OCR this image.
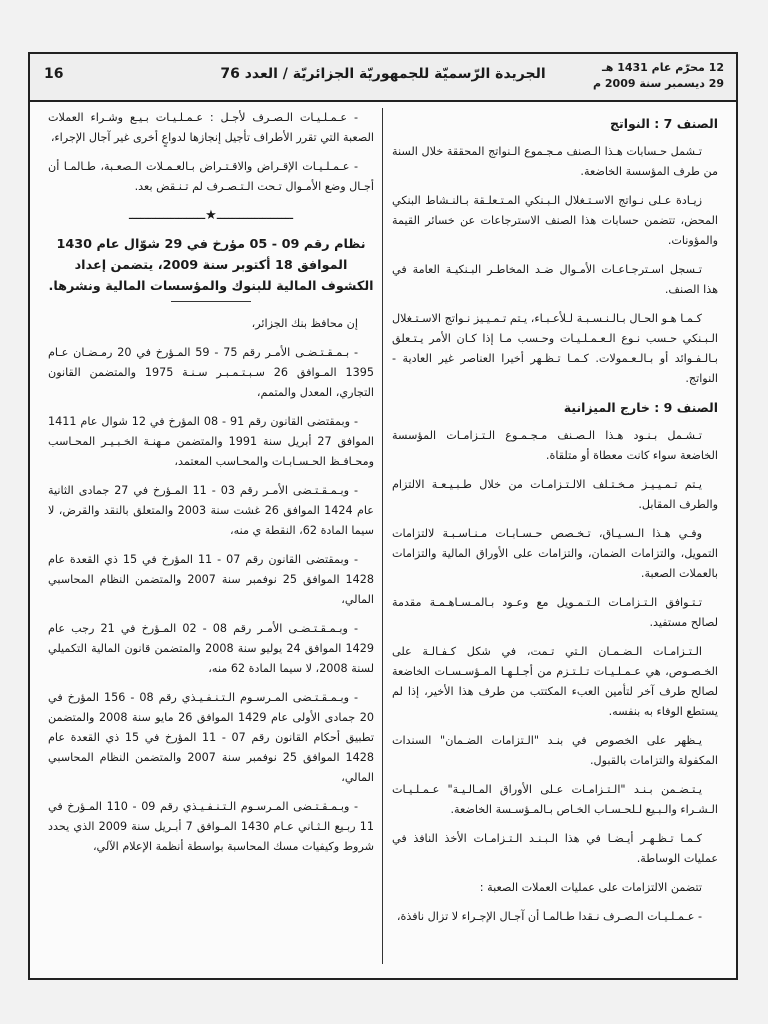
16	الجريدة الرّسميّة للجمهوريّة الجزائريّة / العدد 76	12 محرّم عام 1431 هـ
29 ديسمبر سنة 2009 م
الصنف 7 : النواتج

تـشمل حـسابات هـذا الـصنف مـجـموع الـنواتج المحققة خلال السنة من طرف المؤسسة الخاضعة.

زيـادة عـلى نـواتج الاسـتـغلال الـبـنكي المـتـعلـقة بـالنـشاط البنكي المحض، تتضمن حسابات هذا الصنف الاسترجاعات عن خسائر القيمة والمؤونات.

تـسجل اسـترجـاعـات الأمـوال ضـد المخاطـر البـنكيـة العامة في هذا الصنف.

كـمـا هـو الحـال بـالـنـسـبـة لـلأعـبـاء، يـتم تـمـيـيز نـواتج الاسـتـغلال الـبـنكي حـسب نـوع الـعـمـلـيـات وحـسب مـا إذا كـان الأمر يـتـعلق بـالـفـوائد أو بـالـعـمولات. كـمـا تـظـهر أخيرا العناصر غير العادية - النواتج.

الصنف 9 : خارج الميزانية

تـشـمل بـنـود هـذا الـصـنف مـجـمـوع الـتـزامـات المؤسسة الخاضعة سواء كانت معطاة أو متلقاة.

يـتم تـمـيـيـز مـخـتـلف الالـتـزامـات من خلال طـبـيـعـة الالتزام والطرف المقابل.

وفـي هـذا الـسـيـاق، تـخـصص حـسـابـات مـنـاسـبـة لالتزامات التمويل، والتزامات الضمان، والتزامات على الأوراق المالية والتزامات بالعملات الصعبة.

تـتـوافق الـتـزامـات الـتـمـويل مع وعـود بـالمـسـاهـمـة مقدمة لصالح مستفيد.

الـتـزامـات الـضـمـان الـتي تـمت، في شكل كـفـالـة على الخـصـوص، هي عـمـلـيـات تـلـتـزم من أجـلـهـا المـؤسـسـات الخاضعة لصالح طرف آخر لتأمين العبء المكتتب من طرف هذا الأخير، إذا لم يستطع الوفاء به بنفسه.

يـظهر على الخصوص في بنـد "الـتزامات الضـمان" السندات المكفولة والتزامات بالقبول.

يـتـضـمن بـنـد "الـتـزامـات عـلى الأوراق المـالـيـة" عـمـلـيـات الـشـراء والـبـيع لـلحـسـاب الخـاص بـالمـؤسـسة الخاضعة.

كـمـا تـظـهـر أيـضـا في هذا الـبـنـد الـتـزامـات الأخذ النافذ في عمليات الوساطة.

تتضمن الالتزامات على عمليات العملات الصعبة :

- عـمـلـيـات الـصـرف نـقدا طـالمـا أن آجـال الإجـراء لا تزال نافذة،

- عـمـلـيـات الـصـرف لأجـل : عـمـلـيـات بـيـع وشـراء العملات الصعبة التي تقرر الأطراف تأجيل إنجازها لدواعٍ أخرى غير آجال الإجراء،

- عـمـلـيـات الإقـراض والاقـتـراض بـالعـمـلات الـصعـبة، طـالمـا أن أجـال وضع الأمـوال تـحت الـتـصـرف لم تـنـقض بعد.

ــــــــــــــــــــ★ــــــــــــــــــــ
نظام رقم 09 - 05 مؤرخ في 29 شوّال عام 1430 الموافق 18 أكتوبر سنة 2009، يتضمن إعداد الكشوف المالية للبنوك والمؤسسات المالية ونشرها.

إن محافظ بنك الجزائر،

- بـمـقـتـضـى الأمـر رقم 75 - 59 المـؤرخ في 20 رمـضـان عـام 1395 المـوافق 26 سـبـتـمـبـر سـنـة 1975 والمتضمن القانون التجاري، المعدل والمتمم،

- وبمقتضى القانون رقم 91 - 08 المؤرخ في 12 شوال عام 1411 الموافق 27 أبريل سنة 1991 والمتضمن مـهنـة الخـبـيـر المحـاسب ومحـافـظ الحـسـابـات والمحـاسب المعتمد،

- وبـمـقـتـضى الأمـر رقم 03 - 11 المـؤرخ في 27 جمادى الثانية عام 1424 الموافق 26 غشت سنة 2003 والمتعلق بالنقد والقرض، لا سيما المادة 62، النقطة ي منه،

- وبمقتضى القانون رقم 07 - 11 المؤرخ في 15 ذي القعدة عام 1428 الموافق 25 نوفمبر سنة 2007 والمتضمن النظام المحاسبي المالي،

- وبـمـقـتـضـى الأمـر رقم 08 - 02 المـؤرخ في 21 رجب عام 1429 الموافق 24 يوليو سنة 2008 والمتضمن قانون المالية التكميلي لسنة 2008، لا سيما المادة 62 منه،

- وبـمـقـتـضى المـرسـوم الـتـنـفـيـذي رقم 08 - 156 المؤرخ في 20 جمادى الأولى عام 1429 الموافق 26 مايو سنة 2008 والمتضمن تطبيق أحكام القانون رقم 07 - 11 المؤرخ في 15 ذي القعدة عام 1428 الموافق 25 نوفمبر سنة 2007 والمتضمن النظام المحاسبي المالي،

- وبـمـقـتـضى المـرسـوم الـتـنـفـيـذي رقم 09 - 110 المـؤرخ في 11 ربـيع الـثـاني عـام 1430 المـوافق 7 أبـريل سنة 2009 الذي يحدد شروط وكيفيات مسك المحاسبة بواسطة أنظمة الإعلام الآلي،
